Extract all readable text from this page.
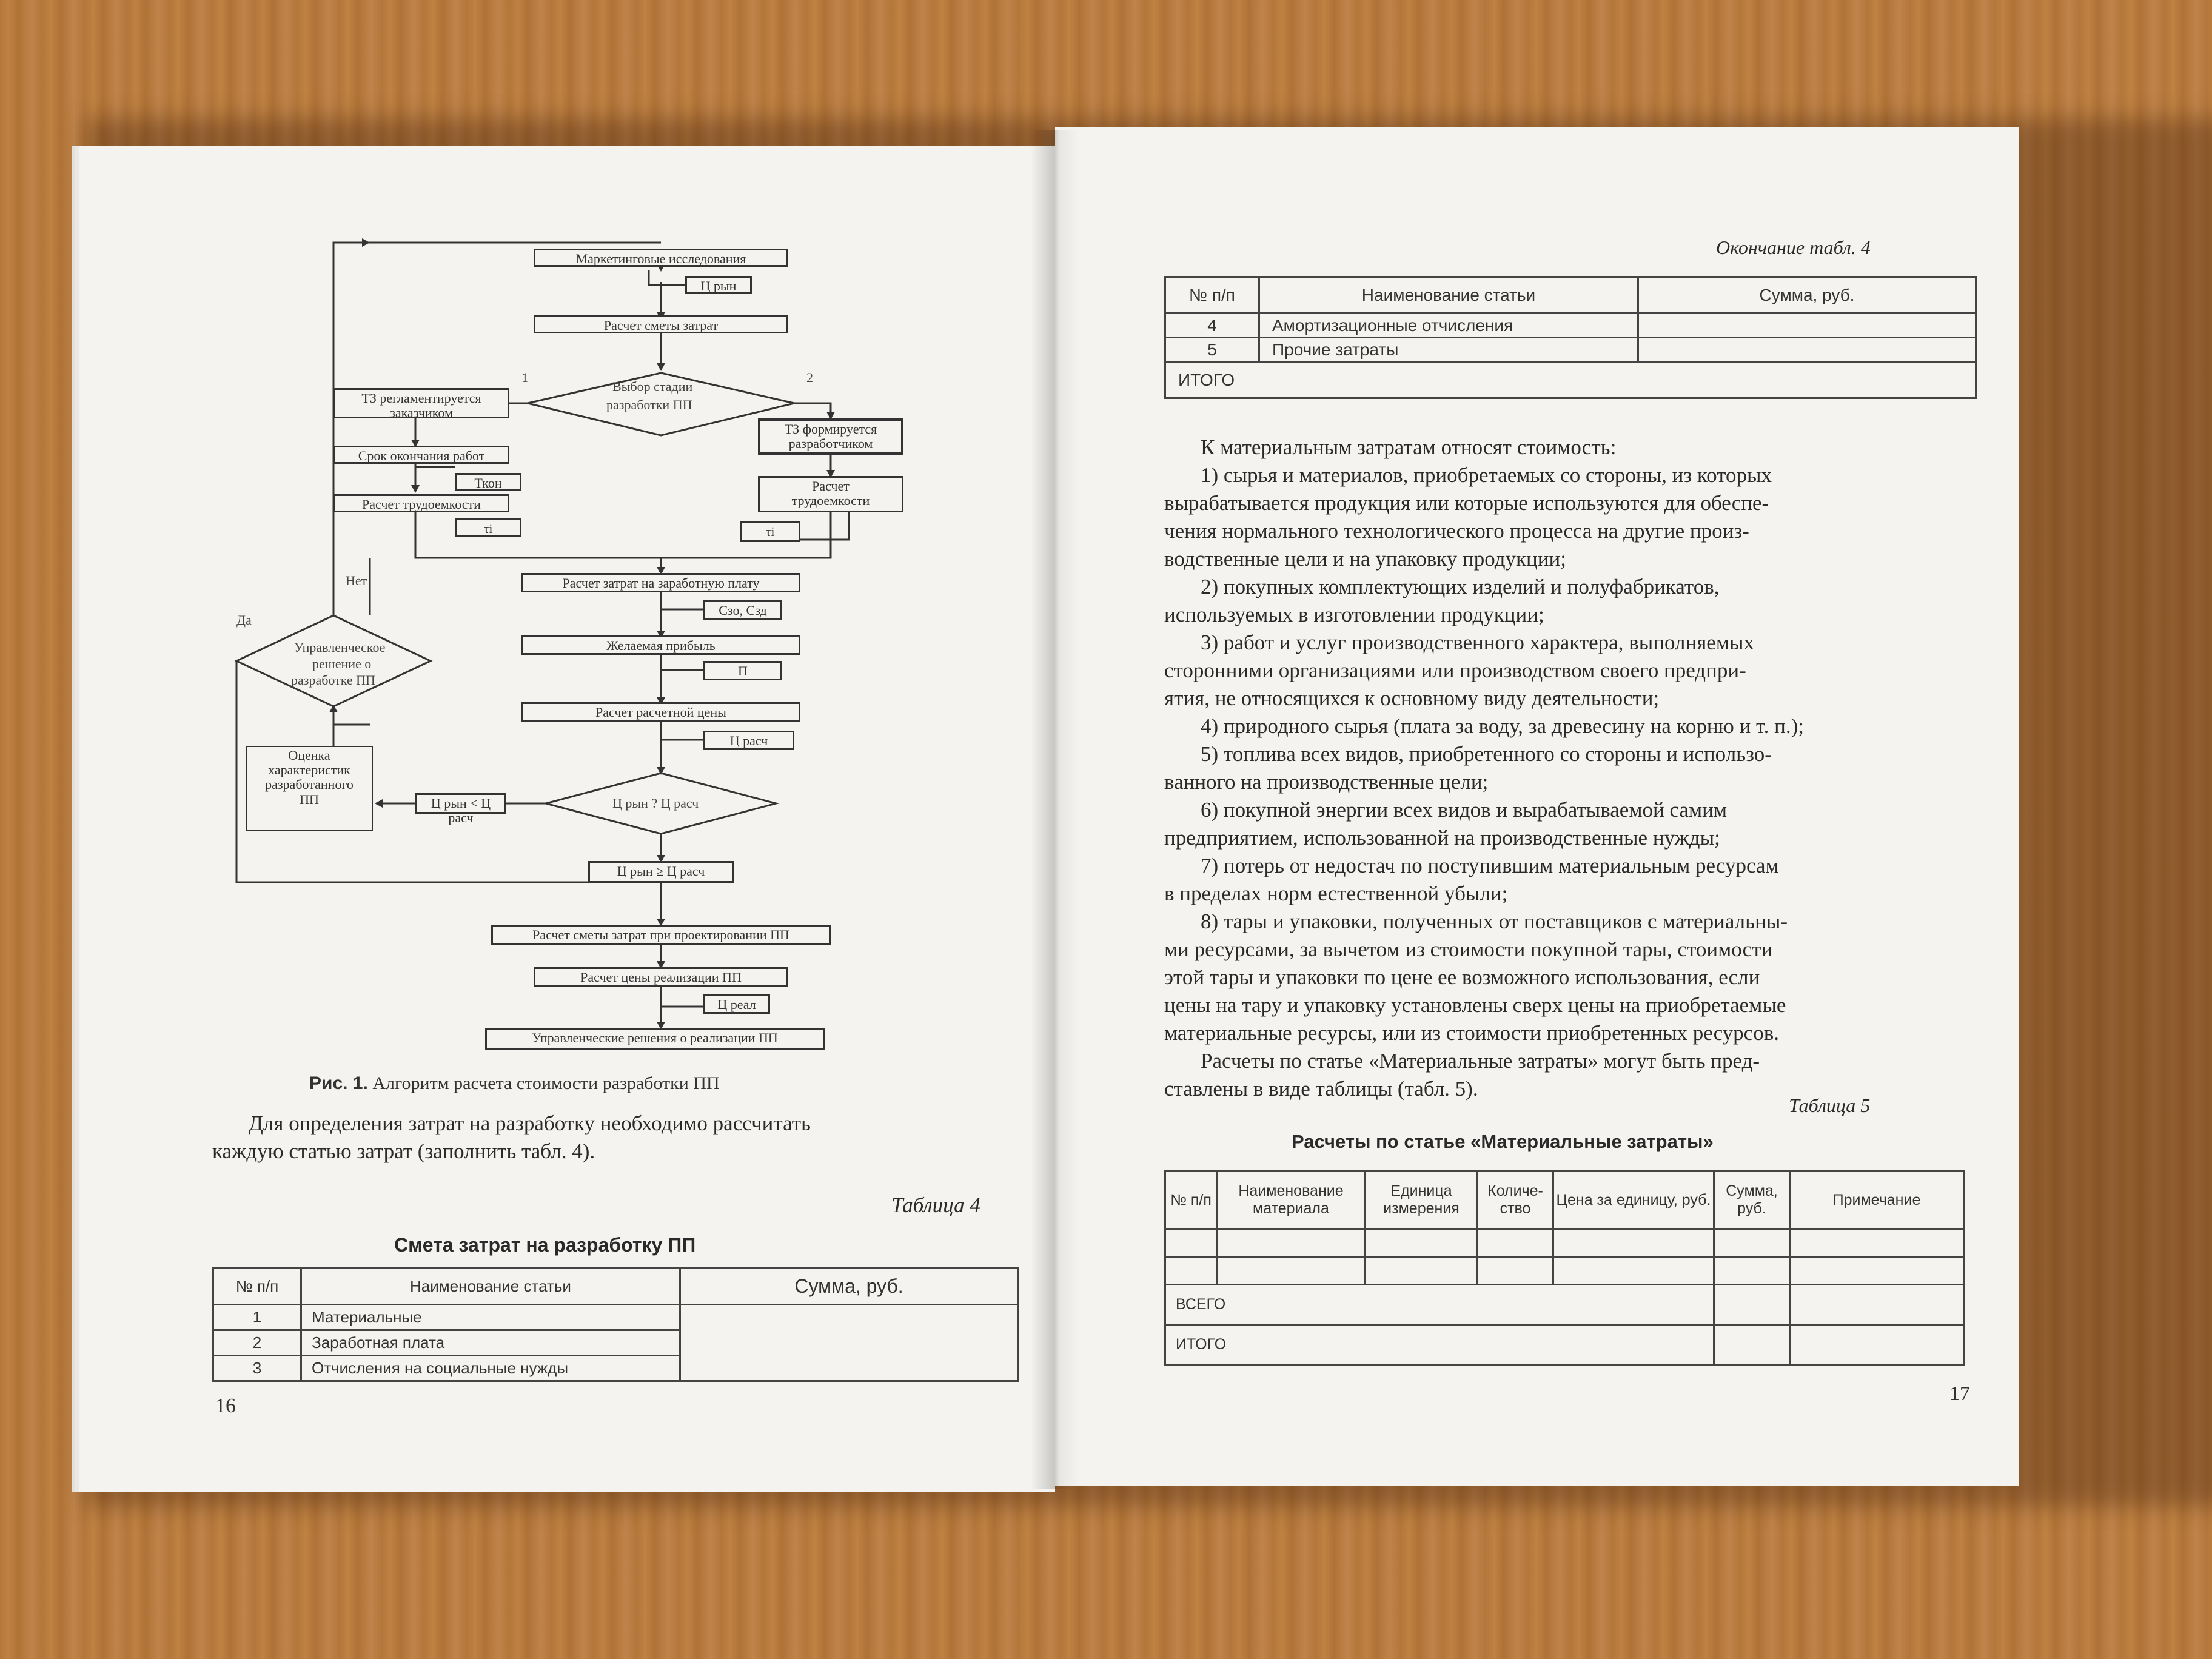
Маркетинговые исследования
Ц рын
Расчет сметы затрат
Выбор стадии
разработки ПП
1	2
ТЗ регламентируется
заказчиком
Срок окончания работ
Ткон
Расчет трудоемкости
τi
ТЗ формируется
разработчиком
Расчет
трудоемкости
τi
Расчет затрат на заработную плату
Сзо, Сзд
Желаемая прибыль
П
Расчет расчетной цены
Ц расч
Управленческое
решение о
разработке ПП
Нет
Да
Ц рын ? Ц расч
Ц рын < Ц расч
Оценка
характеристик
разработанного
ПП
Ц рын ≥ Ц расч
Расчет сметы затрат при проектировании ПП
Расчет цены реализации ПП
Ц реал
Управленческие решения о реализации ПП
Рис. 1. Алгоритм расчета стоимости разработки ПП
Для определения затрат на разработку необходимо рассчитать
каждую статью затрат (заполнить табл. 4).
Таблица 4
Смета затрат на разработку ПП
№ п/п	Наименование статьи	Сумма, руб.
1	Материальные	
2	Заработная плата	
3	Отчисления на социальные нужды	
16
Окончание табл. 4
№ п/п	Наименование статьи	Сумма, руб.
4	Амортизационные отчисления	
5	Прочие затраты	
ИТОГО		
К материальным затратам относят стоимость:
1) сырья и материалов, приобретаемых со стороны, из которых
вырабатывается продукция или которые используются для обеспе-
чения нормального технологического процесса на другие произ-
водственные цели и на упаковку продукции;
2) покупных комплектующих изделий и полуфабрикатов,
используемых в изготовлении продукции;
3) работ и услуг производственного характера, выполняемых
сторонними организациями или производством своего предпри-
ятия, не относящихся к основному виду деятельности;
4) природного сырья (плата за воду, за древесину на корню и т. п.);
5) топлива всех видов, приобретенного со стороны и использо-
ванного на производственные цели;
6) покупной энергии всех видов и вырабатываемой самим
предприятием, использованной на производственные нужды;
7) потерь от недостач по поступившим материальным ресурсам
в пределах норм естественной убыли;
8) тары и упаковки, полученных от поставщиков с материальны-
ми ресурсами, за вычетом из стоимости покупной тары, стоимости
этой тары и упаковки по цене ее возможного использования, если
цены на тару и упаковку установлены сверх цены на приобретаемые
материальные ресурсы, или из стоимости приобретенных ресурсов.
Расчеты по статье «Материальные затраты» могут быть пред-
ставлены в виде таблицы (табл. 5).
Таблица 5
Расчеты по статье «Материальные затраты»
№ п/п	Наименование материала	Единица измерения	Количе-ство	Цена за единицу, руб.	Сумма, руб.	Примечание

ВСЕГО						
ИТОГО						
17
